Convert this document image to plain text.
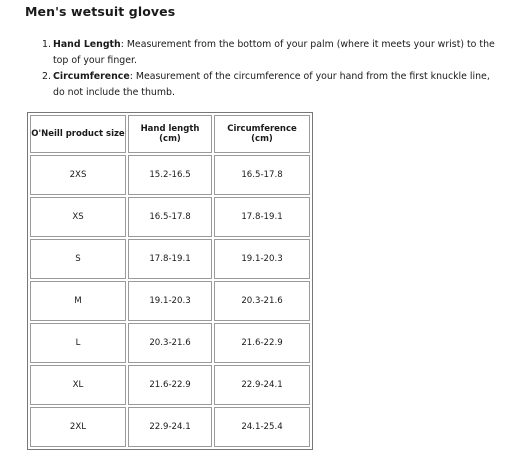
Men's wetsuit gloves
1. Hand Length: Measurement from the bottom of your palm (where it meets your wrist) to the top of your finger.
2. Circumference: Measurement of the circumference of your hand from the first knuckle line, do not include the thumb.
O'Neill product size	Hand length (cm)	Circumference (cm)
2XS	15.2-16.5	16.5-17.8
XS	16.5-17.8	17.8-19.1
S	17.8-19.1	19.1-20.3
M	19.1-20.3	20.3-21.6
L	20.3-21.6	21.6-22.9
XL	21.6-22.9	22.9-24.1
2XL	22.9-24.1	24.1-25.4
